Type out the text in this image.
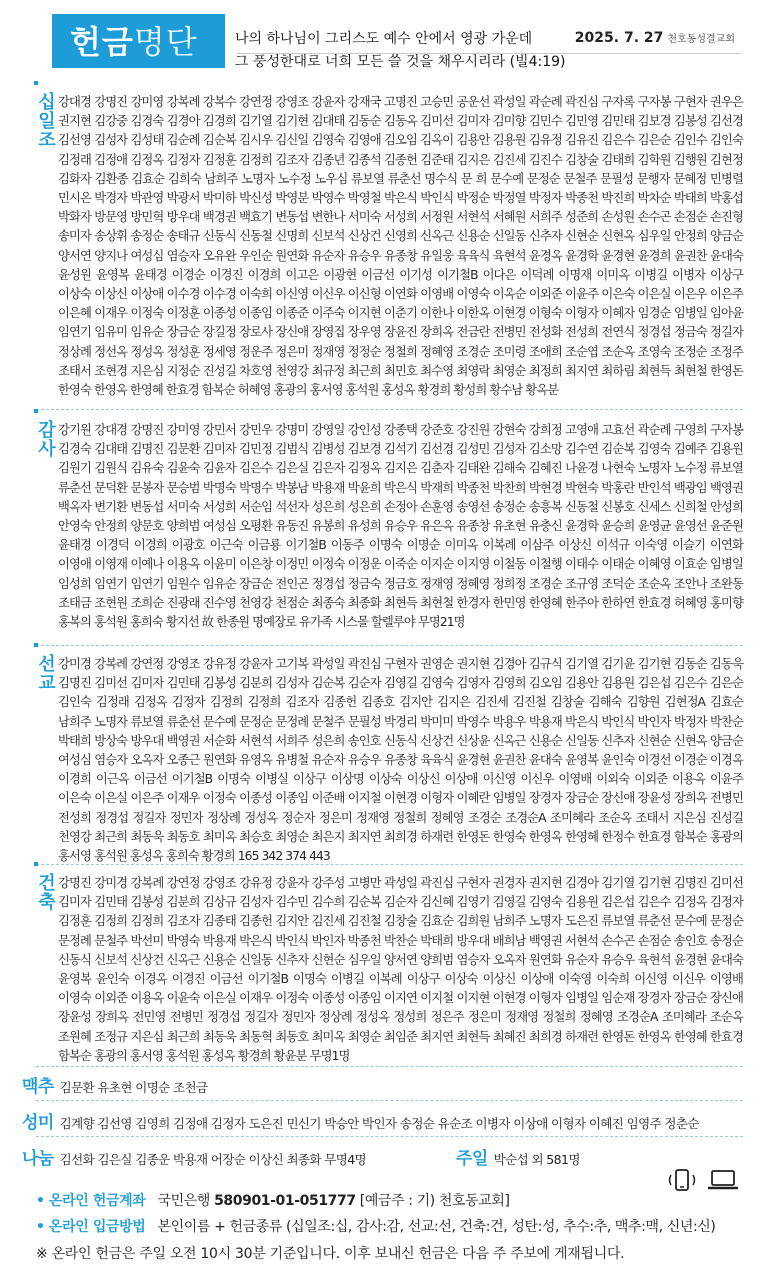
헌금명단	나의 하나님이 그리스도 예수 안에서 영광 가운데
그 풍성한대로 너희 모든 쓸 것을 채우시리라 (빌4:19)
2025. 7. 27 천호동성결교회
십
일
조
강대경 강명진 강미영 강복례 강복수 강연정 강영조 강윤자 강재국 고명진 고승민 공운선 곽성일 곽순례 곽진심 구자록 구자봉 구현자 권우은 권지현 김강중 김경숙 김경아 김경희 김기열 김기현 김대태 김동순 김동옥 김미선 김미자 김미향 김민수 김민영 김민태 김보경 김봉성 김선경 김선영 김성자 김성태 김순례 김순복 김시우 김신일 김영숙 김영애 김오임 김옥이 김용안 김용원 김유정 김유진 김은수 김은순 김인수 김인숙 김정래 김정애 김정옥 김정자 김정훈 김정희 김조자 김종년 김종석 김종헌 김준태 김지은 김진세 김진수 김창술 김태희 김학원 김행원 김현정 김화자 김환종 김효순 김희숙 남희주 노명자 노수정 노우심 류보열 류춘선 명수식 문 희 문수예 문정순 문철주 문필성 문행자 문혜정 민병렬 민시온 박경자 박관영 박광서 박미하 박신성 박영분 박영수 박영철 박은식 박인식 박정순 박정열 박정자 박종천 박진희 박차순 박태희 박홍섭 박화자 방문영 방민혁 방우대 백경권 백효기 변동섭 변한나 서미숙 서성희 서정원 서현석 서혜원 서희주 성준희 손성원 손수곤 손점순 손진형 송미자 송상휘 송정순 송태규 신동식 신동철 신명희 신보석 신상건 신영희 신옥근 신용순 신일동 신추자 신현순 신현옥 심우일 안정희 양금순 양서연 양지나 여성심 염승자 오유완 우인순 원연화 유순자 유승우 유종창 유일웅 육육식 육현석 윤경옥 윤경학 윤경현 윤경희 윤권찬 윤대숙 윤성원 윤영복 윤태경 이경순 이경진 이경희 이고은 이광현 이금선 이기성 이기철B 이다은 이덕례 이명재 이미옥 이병길 이병자 이상구 이상숙 이상신 이상애 이수경 이수경 이숙희 이신영 이신우 이신형 이연화 이영배 이영숙 이옥순 이외준 이윤주 이은숙 이은실 이은우 이은주 이은혜 이재우 이정숙 이정훈 이종성 이종임 이종준 이주숙 이지현 이춘기 이한나 이한옥 이현경 이형숙 이형자 이혜자 임경순 임병일 임아윤 임연기 임유미 임유순 장금순 장길정 장로사 장신애 장영집 장우영 장윤진 장희옥 전금란 전병민 전성화 전성희 전연식 정경섭 정금숙 정길자 정상례 정선옥 정성옥 정성훈 정세영 정운주 정은미 정재영 정정순 정철희 정혜영 조경순 조미령 조애희 조순엽 조순옥 조영숙 조정순 조정주 조태서 조현경 지은심 지정순 진성길 차호영 천영강 최규정 최근희 최민호 최수영 최영락 최영순 최정희 최지연 최하림 최현득 최현철 한영돈 한영숙 한영옥 한영혜 한효경 함복순 허혜영 홍광의 홍서영 홍석원 홍성옥 황경희 황성희 황수남 황옥분
감
사
강기원 강대경 강명진 강미영 강민서 강민우 강명미 강영일 강인성 강종택 강준호 강진원 강현숙 강희정 고영애 고효선 곽순례 구영희 구자봉 김경숙 김대태 김명진 김문환 김미자 김민정 김범식 김병성 김보경 김석기 김선경 김성민 김성자 김소망 김수연 김순복 김영숙 김예주 김용원 김원기 김원식 김유숙 김윤숙 김윤자 김은수 김은실 김은자 김정옥 김지은 김춘자 김태완 김해숙 김혜진 나윤경 나현숙 노명자 노수정 류보열 류춘선 문덕환 문봉자 문승범 박명숙 박명수 박봉남 박용재 박윤희 박은식 박재희 박종천 박찬희 박현경 박현숙 박홍란 반인석 백광임 백영권 백옥자 변기환 변동섭 서미숙 서성희 서순임 석선자 성은희 성은희 손정아 손훈영 송영선 송정순 송흥복 신동철 신봉호 신세스 신희철 안성희 안영숙 안정희 양문호 양희범 여성심 오평환 유동진 유봉희 유성희 유승우 유은옥 유종창 유초현 유충신 윤경학 윤승희 윤영균 윤영선 윤준원 윤태경 이경덕 이경희 이광호 이근숙 이금룡 이기철B 이동주 이명숙 이명순 이미옥 이복례 이삼주 이상신 이석규 이숙영 이슬기 이연화 이영애 이영재 이예나 이용옥 이윤미 이은창 이정민 이정숙 이정운 이죽순 이지순 이지영 이철동 이철행 이태수 이태순 이혜영 이효순 임병일 임성희 임연기 임연기 임원수 임유순 장금순 전인곤 정경섭 정금숙 정금호 정재영 정혜영 정희정 조경순 조규영 조덕순 조순옥 조안나 조완동 조태금 조현원 조희순 진광래 진수영 천영강 천점순 최종숙 최종화 최현득 최현철 한경자 한민영 한영혜 한주아 한하연 한효경 허혜영 홍미향 홍복의 홍석원 홍희숙 황지선 故 한종원 명예장로 유가족 시스몰 할렐루야 무명21명
선
교
강미경 강복례 강연정 강영조 강유정 강윤자 고기복 곽성일 곽진심 구현자 권영순 권지현 김경아 김규식 김기열 김기윤 김기현 김동순 김동욱 김명진 김미선 김미자 김민태 김봉성 김분희 김성자 김순복 김순자 김영길 김영숙 김영자 김영희 김오임 김용안 김용원 김은섭 김은수 김은순 김인숙 김정래 김정옥 김정자 김정희 김정희 김조자 김종헌 김종호 김지안 김지은 김진세 김진철 김창술 김해숙 김향원 김현정A 김효순 남희주 노명자 류보열 류춘선 문수예 문정순 문정례 문철주 문필성 박경리 박미미 박영수 박용우 박용재 박은식 박인식 박인자 박정자 박찬순 박태희 방상숙 방우대 백영권 서순화 서현석 서희주 성은희 송인호 신동식 신상건 신상윤 신옥근 신용순 신일동 신추자 신현순 신현옥 양금순 여성심 염승자 오옥자 오종근 원연화 유영옥 유병철 유순자 유승우 유종창 육육식 윤경현 윤권찬 윤대숙 윤영복 윤인숙 이경선 이경순 이경옥 이경희 이근옥 이금선 이기철B 이명숙 이병실 이상구 이상명 이상숙 이상신 이상애 이신영 이신우 이영배 이외숙 이외준 이용옥 이윤주 이은숙 이은실 이은주 이재우 이정숙 이종성 이종임 이준배 이지철 이현경 이형자 이혜란 임병일 장경자 장금순 장신애 장윤성 장희옥 전병민 전성희 정경섭 정길자 정민자 정상례 정성옥 정순자 정은미 정재영 정철희 정혜영 조경순 조경순A 조미혜라 조순옥 조태서 지은심 진성길 천영강 최근희 최동욱 최동호 최미옥 최승호 최영순 최은지 최지연 최희경 하재련 한영돈 한영숙 한영옥 한영혜 한정수 한효경 함복순 홍광의 홍서영 홍석원 홍성옥 홍희숙 황경희 165 342 374 443
건
축
강명진 강미경 강복례 강연정 강영조 강유정 강윤자 강주성 고병만 곽성일 곽진심 구현자 권경자 권지현 김경아 김기열 김기현 김명진 김미선 김미자 김민태 김봉성 김분희 김상규 김성자 김수민 김수희 김순복 김순자 김신혜 김영기 김영길 김영숙 김용원 김은섭 김은수 김정옥 김정자 김정훈 김정희 김정희 김조자 김종태 김종헌 김지안 김진세 김진철 김창술 김효순 김희원 남희주 노명자 도은진 류보열 류춘선 문수예 문정순 문정례 문철주 박선미 박영숙 박용재 박은식 박인식 박인자 박종천 박찬순 박태희 방우대 배희남 백영권 서현석 손수곤 손점순 송인호 송정순 신동식 신보석 신상건 신옥근 신용순 신일동 신추자 신현순 심우일 양서연 양희범 염승자 오옥자 원연화 유순자 유승우 육현석 윤경현 윤대숙 윤영복 윤인숙 이경옥 이경진 이금선 이기철B 이명숙 이병길 이복례 이상구 이상숙 이상신 이상애 이숙영 이숙희 이신영 이신우 이영배 이영숙 이외준 이용옥 이윤숙 이은실 이재우 이정숙 이종성 이종임 이지연 이지철 이지현 이현경 이형자 임병일 임순재 장경자 장금순 장신애 장윤성 장희옥 전민영 전병민 정경섭 정길자 정민자 정상례 정성옥 정성희 정은주 정은미 정재영 정철희 정혜영 조경순A 조미혜라 조순옥 조원혜 조정규 지은심 최근희 최동욱 최동혁 최동호 최미옥 최영순 최임준 최지연 최현득 최혜진 최희경 하재련 한영돈 한영옥 한영혜 한효경 함복순 홍광의 홍서영 홍석원 홍성옥 황경희 황윤분 무명1명
맥추 김문환 유초현 이명순 조천금
성미 김계향 김선영 김영희 김정애 김정자 도은진 민신기 박승안 박인자 송정순 유순조 이병자 이상애 이형자 이혜진 임영주 정춘순
나눔 김선화 김은실 김종운 박용재 어장순 이상신 최종화 무명4명	주일 박순섭 외 581명
• 온라인 헌금계좌 국민은행 580901-01-051777 [예금주 : 기) 천호동교회]
• 온라인 입금방법 본인이름 + 헌금종류 (십일조:십, 감사:감, 선교:선, 건축:건, 성탄:성, 추수:추, 맥추:맥, 신년:신)
※ 온라인 헌금은 주일 오전 10시 30분 기준입니다. 이후 보내신 헌금은 다음 주 주보에 게재됩니다.
